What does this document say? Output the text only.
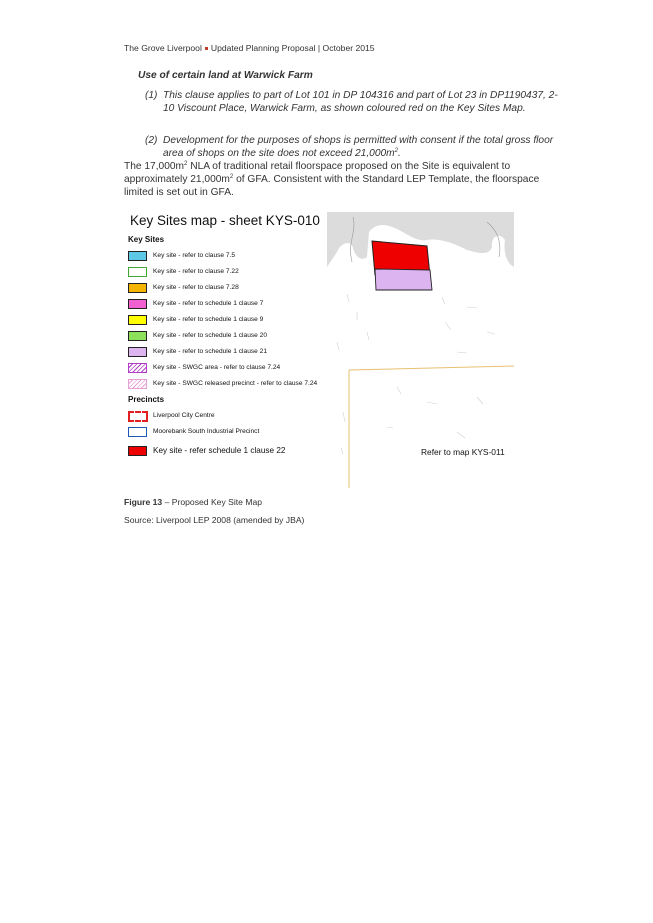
The Grove Liverpool Updated Planning Proposal | October 2015
Use of certain land at Warwick Farm
(1) This clause applies to part of Lot 101 in DP 104316 and part of Lot 23 in DP1190437, 2-10 Viscount Place, Warwick Farm, as shown coloured red on the Key Sites Map.
(2) Development for the purposes of shops is permitted with consent if the total gross floor area of shops on the site does not exceed $21,000m^2$.
The $17,000m^2$ NLA of traditional retail floorspace proposed on the Site is equivalent to approximately $21,000m^2$ of GFA. Consistent with the Standard LEP Template, the floorspace limited is set out in GFA.
Key Sites map - sheet KYS-010
Key Sites
Key site - refer to clause 7.5
Key site - refer to clause 7.22
Key site - refer to clause 7.28
Key site - refer to schedule 1 clause 7
Key site - refer to schedule 1 clause 9
Key site - refer to schedule 1 clause 20
Key site - refer to schedule 1 clause 21
Key site - SWGC area - refer to clause 7.24
Key site - SWGC released precinct - refer to clause 7.24
Precincts
Liverpool City Centre
Moorebank South Industrial Precinct
Key site - refer schedule 1 clause 22	Refer to map KYS-011
Figure 13 – Proposed Key Site Map
Source: Liverpool LEP 2008 (amended by JBA)
